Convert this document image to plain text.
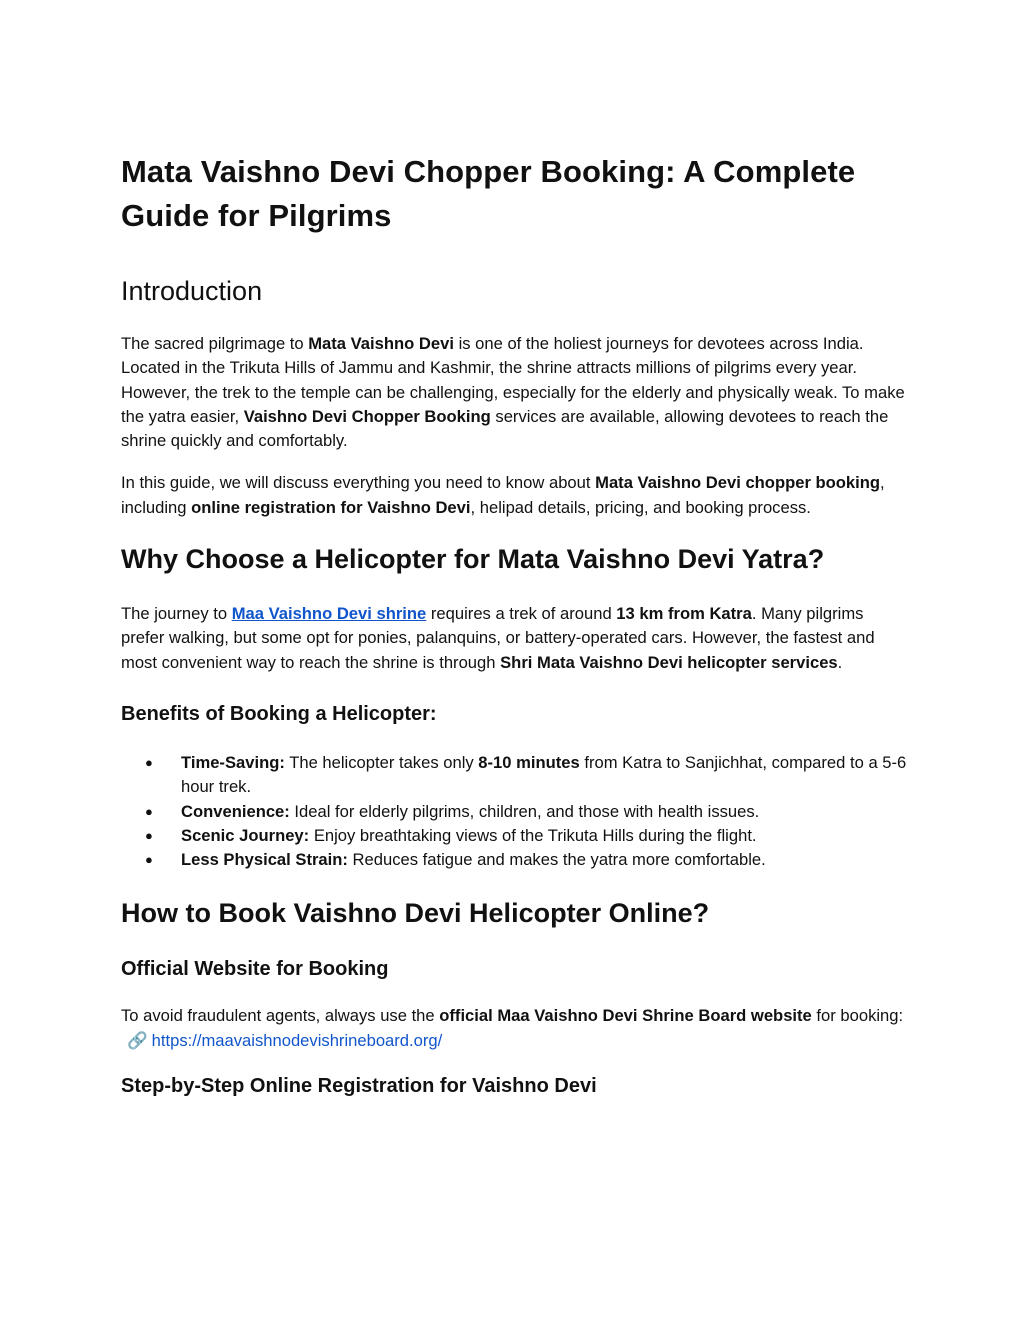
Mata Vaishno Devi Chopper Booking: A Complete Guide for Pilgrims
Introduction

The sacred pilgrimage to Mata Vaishno Devi is one of the holiest journeys for devotees across India. Located in the Trikuta Hills of Jammu and Kashmir, the shrine attracts millions of pilgrims every year. However, the trek to the temple can be challenging, especially for the elderly and physically weak. To make the yatra easier, Vaishno Devi Chopper Booking services are available, allowing devotees to reach the shrine quickly and comfortably.

In this guide, we will discuss everything you need to know about Mata Vaishno Devi chopper booking, including online registration for Vaishno Devi, helipad details, pricing, and booking process.

Why Choose a Helicopter for Mata Vaishno Devi Yatra?

The journey to Maa Vaishno Devi shrine requires a trek of around 13 km from Katra. Many pilgrims prefer walking, but some opt for ponies, palanquins, or battery-operated cars. However, the fastest and most convenient way to reach the shrine is through Shri Mata Vaishno Devi helicopter services.

Benefits of Booking a Helicopter:
● Time-Saving: The helicopter takes only 8-10 minutes from Katra to Sanjichhat, compared to a 5-6 hour trek.
● Convenience: Ideal for elderly pilgrims, children, and those with health issues.
● Scenic Journey: Enjoy breathtaking views of the Trikuta Hills during the flight.
● Less Physical Strain: Reduces fatigue and makes the yatra more comfortable.
How to Book Vaishno Devi Helicopter Online?
Official Website for Booking

To avoid fraudulent agents, always use the official Maa Vaishno Devi Shrine Board website for booking:
🔗 https://maavaishnodevishrineboard.org/

Step-by-Step Online Registration for Vaishno Devi
